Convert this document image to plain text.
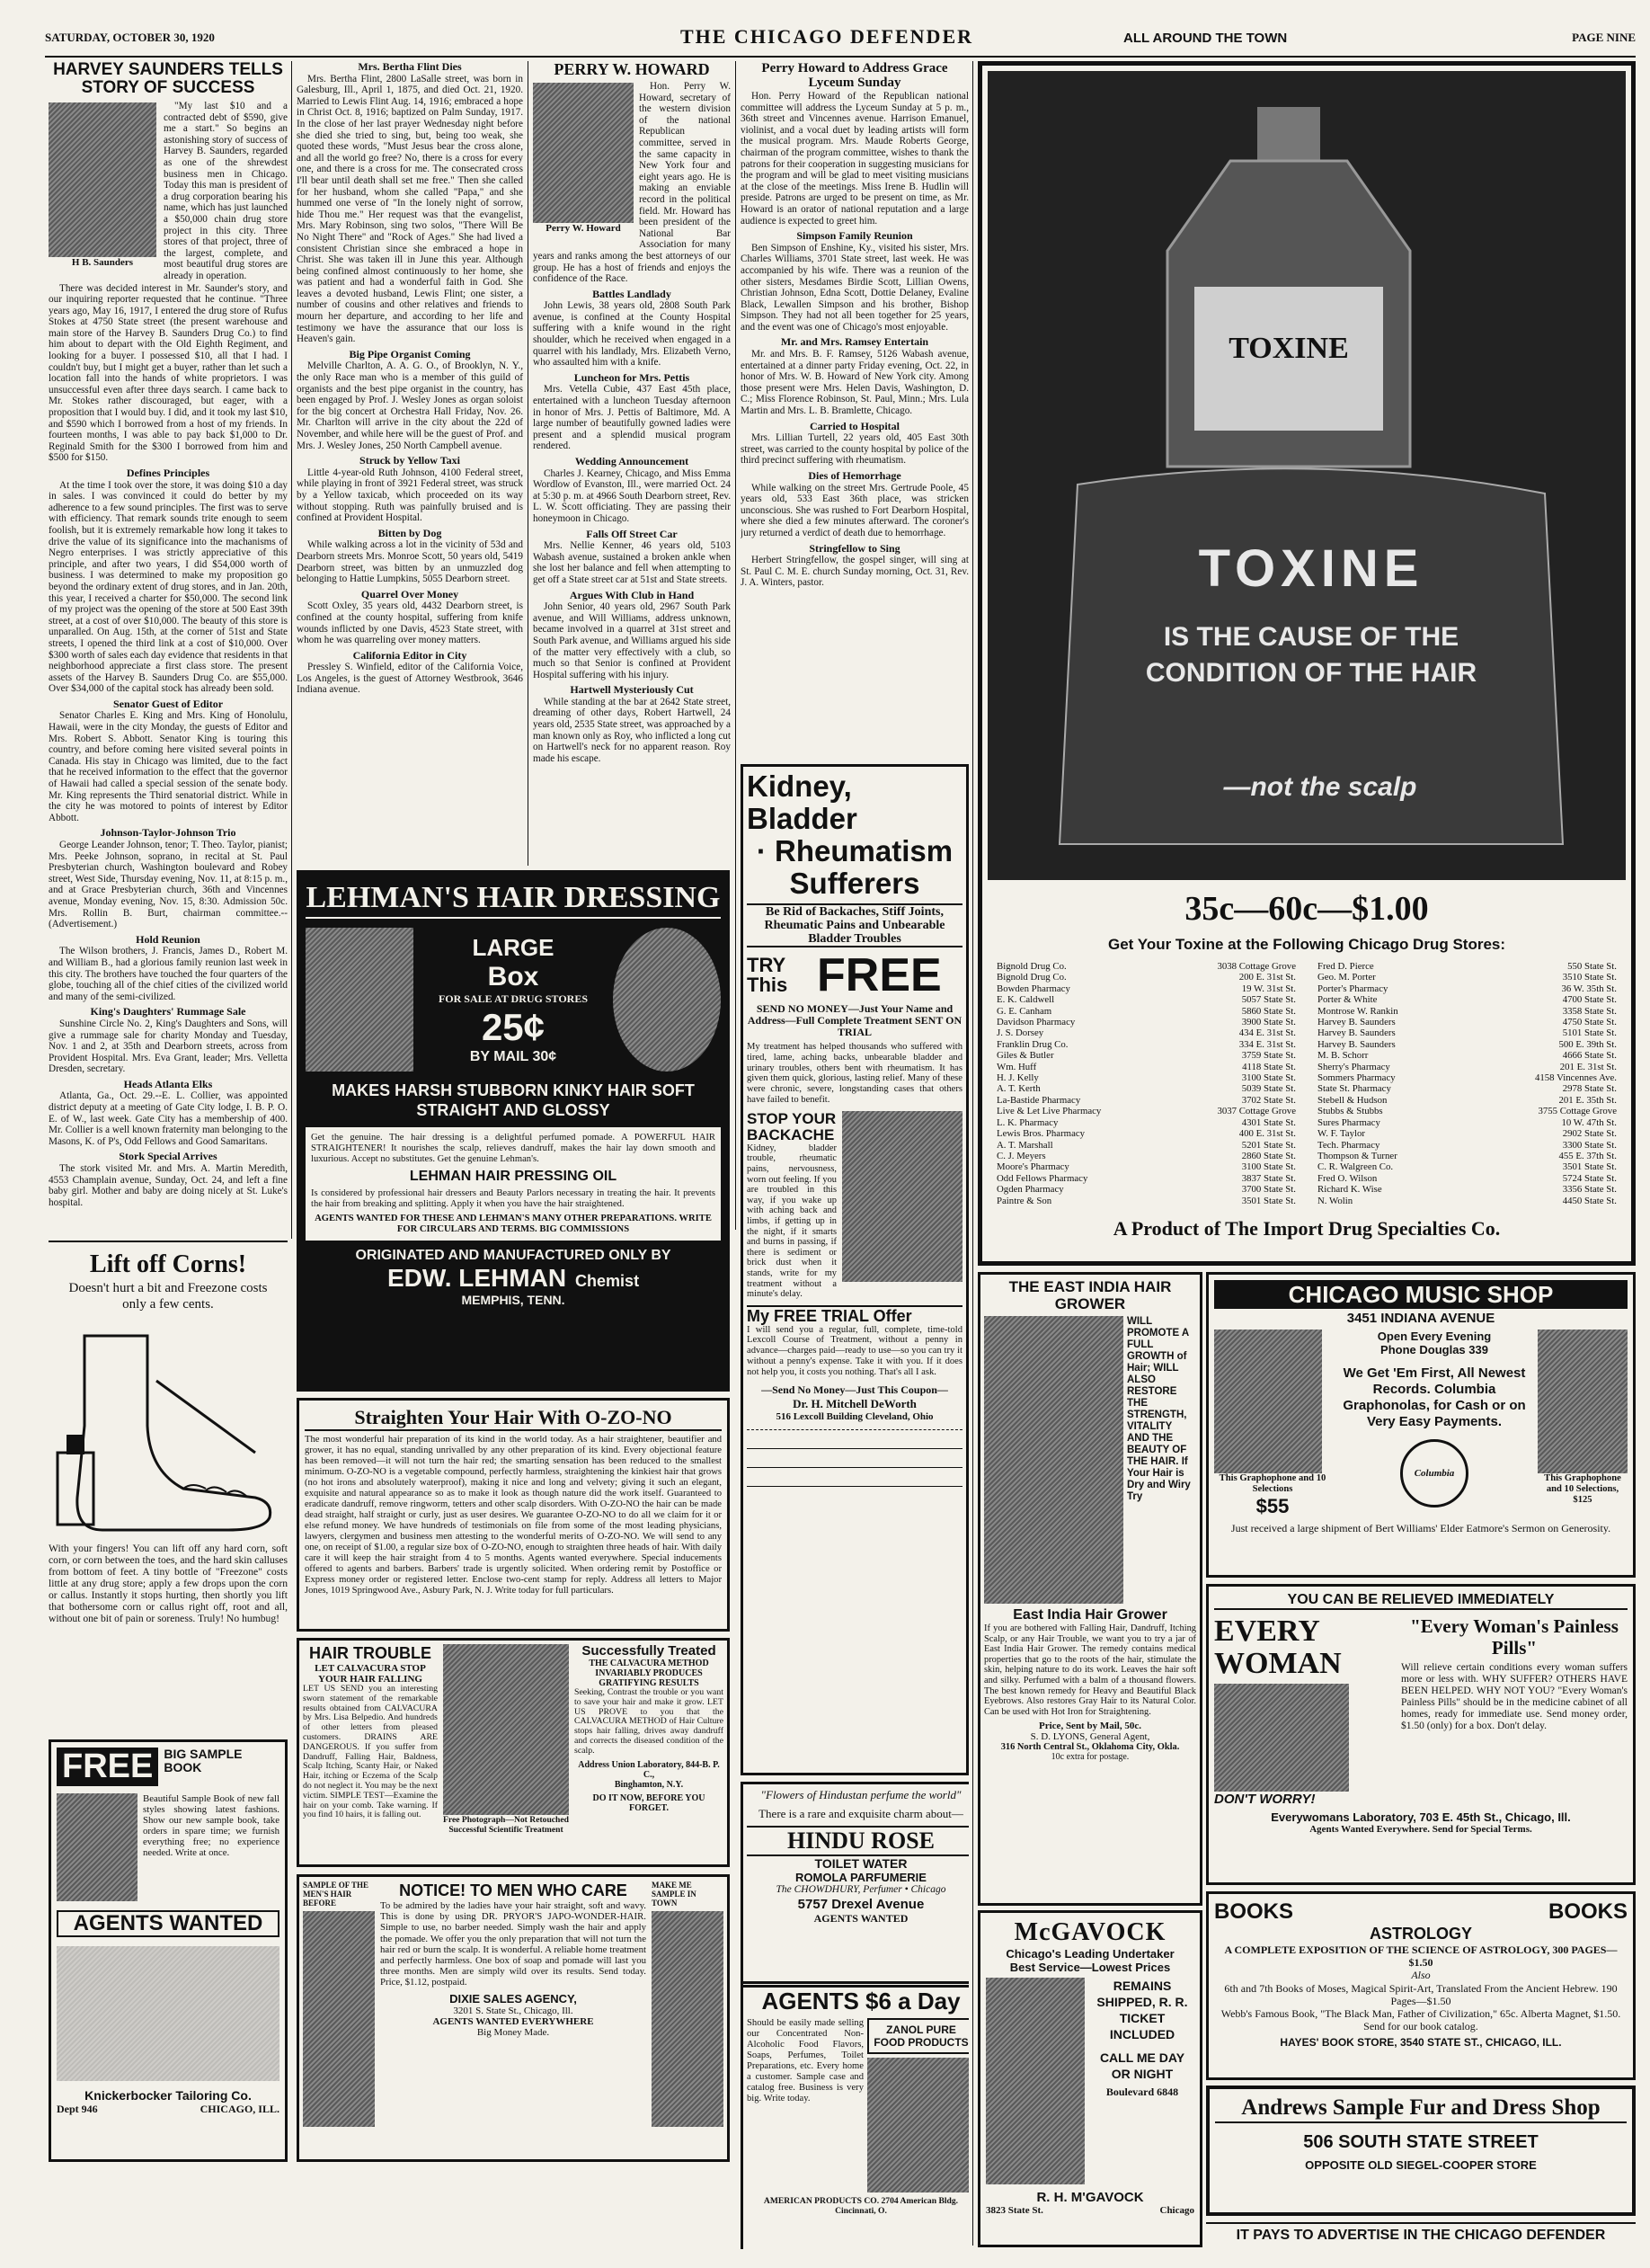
SATURDAY, OCTOBER 30, 1920	THE CHICAGO DEFENDER	ALL AROUND THE TOWN	PAGE NINE
HARVEY SAUNDERS TELLS STORY OF SUCCESS
H B. Saunders

"My last $10 and a contracted debt of $590, give me a start." So begins an astonishing story of success of Harvey B. Saunders, regarded as one of the shrewdest business men in Chicago. Today this man is president of a drug corporation bearing his name, which has just launched a $50,000 chain drug store project in this city. Three stores of that project, three of the largest, complete, and most beautiful drug stores are already in operation.

There was decided interest in Mr. Saunder's story, and our inquiring reporter requested that he continue. "Three years ago, May 16, 1917, I entered the drug store of Rufus Stokes at 4750 State street (the present warehouse and main store of the Harvey B. Saunders Drug Co.) to find him about to depart with the Old Eighth Regiment, and looking for a buyer. I possessed $10, all that I had. I couldn't buy, but I might get a buyer, rather than let such a location fall into the hands of white proprietors. I was unsuccessful even after three days search. I came back to Mr. Stokes rather discouraged, but eager, with a proposition that I would buy. I did, and it took my last $10, and $590 which I borrowed from a host of my friends. In fourteen months, I was able to pay back $1,000 to Dr. Reginald Smith for the $300 I borrowed from him and $500 for $150.

Defines Principles

At the time I took over the store, it was doing $10 a day in sales. I was convinced it could do better by my adherence to a few sound principles. The first was to serve with efficiency. That remark sounds trite enough to seem foolish, but it is extremely remarkable how long it takes to drive the value of its significance into the machanisms of Negro enterprises. I was strictly appreciative of this principle, and after two years, I did $54,000 worth of business. I was determined to make my proposition go beyond the ordinary extent of drug stores, and in Jan. 20th, this year, I received a charter for $50,000. The second link of my project was the opening of the store at 500 East 39th street, at a cost of over $10,000. The beauty of this store is unparalled. On Aug. 15th, at the corner of 51st and State streets, I opened the third link at a cost of $10,000. Over $300 worth of sales each day evidence that residents in that neighborhood appreciate a first class store. The present assets of the Harvey B. Saunders Drug Co. are $55,000. Over $34,000 of the capital stock has already been sold.

Senator Guest of Editor

Senator Charles E. King and Mrs. King of Honolulu, Hawaii, were in the city Monday, the guests of Editor and Mrs. Robert S. Abbott. Senator King is touring this country, and before coming here visited several points in Canada. His stay in Chicago was limited, due to the fact that he received information to the effect that the governor of Hawaii had called a special session of the senate body. Mr. King represents the Third senatorial district. While in the city he was motored to points of interest by Editor Abbott.

Johnson-Taylor-Johnson Trio

George Leander Johnson, tenor; T. Theo. Taylor, pianist; Mrs. Peeke Johnson, soprano, in recital at St. Paul Presbyterian church, Washington boulevard and Robey street, West Side, Thursday evening, Nov. 11, at 8:15 p. m., and at Grace Presbyterian church, 36th and Vincennes avenue, Monday evening, Nov. 15, 8:30. Admission 50c. Mrs. Rollin B. Burt, chairman committee.--(Advertisement.)

Hold Reunion

The Wilson brothers, J. Francis, James D., Robert M. and William B., had a glorious family reunion last week in this city. The brothers have touched the four quarters of the globe, touching all of the chief cities of the civilized world and many of the semi-civilized.

King's Daughters' Rummage Sale

Sunshine Circle No. 2, King's Daughters and Sons, will give a rummage sale for charity Monday and Tuesday, Nov. 1 and 2, at 35th and Dearborn streets, across from Provident Hospital. Mrs. Eva Grant, leader; Mrs. Velletta Dresden, secretary.

Heads Atlanta Elks

Atlanta, Ga., Oct. 29.--E. L. Collier, was appointed district deputy at a meeting of Gate City lodge, I. B. P. O. E. of W., last week. Gate City has a membership of 400. Mr. Collier is a well known fraternity man belonging to the Masons, K. of P's, Odd Fellows and Good Samaritans.

Stork Special Arrives

The stork visited Mr. and Mrs. A. Martin Meredith, 4553 Champlain avenue, Sunday, Oct. 24, and left a fine baby girl. Mother and baby are doing nicely at St. Luke's hospital.

Lift off Corns!
Doesn't hurt a bit and Freezone costs only a few cents.
With your fingers! You can lift off any hard corn, soft corn, or corn between the toes, and the hard skin calluses from bottom of feet. A tiny bottle of "Freezone" costs little at any drug store; apply a few drops upon the corn or callus. Instantly it stops hurting, then shortly you lift that bothersome corn or callus right off, root and all, without one bit of pain or soreness. Truly! No humbug!
FREE BIG SAMPLE BOOK
Beautiful Sample Book of new fall styles showing latest fashions. Show our new sample book, take orders in spare time; we furnish everything free; no experience needed. Write at once.
AGENTS WANTED
Knickerbocker Tailoring Co.
Dept 946	CHICAGO, ILL.
Mrs. Bertha Flint Dies

Mrs. Bertha Flint, 2800 LaSalle street, was born in Galesburg, Ill., April 1, 1875, and died Oct. 21, 1920. Married to Lewis Flint Aug. 14, 1916; embraced a hope in Christ Oct. 8, 1916; baptized on Palm Sunday, 1917. In the close of her last prayer Wednesday night before she died she tried to sing, but, being too weak, she quoted these words, "Must Jesus bear the cross alone, and all the world go free? No, there is a cross for every one, and there is a cross for me. The consecrated cross I'll bear until death shall set me free." Then she called for her husband, whom she called "Papa," and she hummed one verse of "In the lonely night of sorrow, hide Thou me." Her request was that the evangelist, Mrs. Mary Robinson, sing two solos, "There Will Be No Night There" and "Rock of Ages." She had lived a consistent Christian since she embraced a hope in Christ. She was taken ill in June this year. Although being confined almost continuously to her home, she was patient and had a wonderful faith in God. She leaves a devoted husband, Lewis Flint; one sister, a number of cousins and other relatives and friends to mourn her departure, and according to her life and testimony we have the assurance that our loss is Heaven's gain.

Big Pipe Organist Coming

Melville Charlton, A. A. G. O., of Brooklyn, N. Y., the only Race man who is a member of this guild of organists and the best pipe organist in the country, has been engaged by Prof. J. Wesley Jones as organ soloist for the big concert at Orchestra Hall Friday, Nov. 26. Mr. Charlton will arrive in the city about the 22d of November, and while here will be the guest of Prof. and Mrs. J. Wesley Jones, 250 North Campbell avenue.

Struck by Yellow Taxi

Little 4-year-old Ruth Johnson, 4100 Federal street, while playing in front of 3921 Federal street, was struck by a Yellow taxicab, which proceeded on its way without stopping. Ruth was painfully bruised and is confined at Provident Hospital.

Bitten by Dog

While walking across a lot in the vicinity of 53d and Dearborn streets Mrs. Monroe Scott, 50 years old, 5419 Dearborn street, was bitten by an unmuzzled dog belonging to Hattie Lumpkins, 5055 Dearborn street.

Quarrel Over Money

Scott Oxley, 35 years old, 4432 Dearborn street, is confined at the county hospital, suffering from knife wounds inflicted by one Davis, 4523 State street, with whom he was quarreling over money matters.

California Editor in City

Pressley S. Winfield, editor of the California Voice, Los Angeles, is the guest of Attorney Westbrook, 3646 Indiana avenue.

PERRY W. HOWARD
Perry W. Howard

Hon. Perry W. Howard, secretary of the western division of the national Republican committee, served in the same capacity in New York four and eight years ago. He is making an enviable record in the political field. Mr. Howard has been president of the National Bar Association for many years and ranks among the best attorneys of our group. He has a host of friends and enjoys the confidence of the Race.

Battles Landlady

John Lewis, 38 years old, 2808 South Park avenue, is confined at the County Hospital suffering with a knife wound in the right shoulder, which he received when engaged in a quarrel with his landlady, Mrs. Elizabeth Verno, who assaulted him with a knife.

Luncheon for Mrs. Pettis

Mrs. Vetella Cubie, 437 East 45th place, entertained with a luncheon Tuesday afternoon in honor of Mrs. J. Pettis of Baltimore, Md. A large number of beautifully gowned ladies were present and a splendid musical program rendered.

Wedding Announcement

Charles J. Kearney, Chicago, and Miss Emma Wordlow of Evanston, Ill., were married Oct. 24 at 5:30 p. m. at 4966 South Dearborn street, Rev. L. W. Scott officiating. They are passing their honeymoon in Chicago.

Falls Off Street Car

Mrs. Nellie Kenner, 46 years old, 5103 Wabash avenue, sustained a broken ankle when she lost her balance and fell when attempting to get off a State street car at 51st and State streets.

Argues With Club in Hand

John Senior, 40 years old, 2967 South Park avenue, and Will Williams, address unknown, became involved in a quarrel at 31st street and South Park avenue, and Williams argued his side of the matter very effectively with a club, so much so that Senior is confined at Provident Hospital suffering with his injury.

Hartwell Mysteriously Cut

While standing at the bar at 2642 State street, dreaming of other days, Robert Hartwell, 24 years old, 2535 State street, was approached by a man known only as Roy, who inflicted a long cut on Hartwell's neck for no apparent reason. Roy made his escape.

Perry Howard to Address Grace Lyceum Sunday

Hon. Perry Howard of the Republican national committee will address the Lyceum Sunday at 5 p. m., 36th street and Vincennes avenue. Harrison Emanuel, violinist, and a vocal duet by leading artists will form the musical program. Mrs. Maude Roberts George, chairman of the program committee, wishes to thank the patrons for their cooperation in suggesting musicians for the program and will be glad to meet visiting musicians at the close of the meetings. Miss Irene B. Hudlin will preside. Patrons are urged to be present on time, as Mr. Howard is an orator of national reputation and a large audience is expected to greet him.

Simpson Family Reunion

Ben Simpson of Enshine, Ky., visited his sister, Mrs. Charles Williams, 3701 State street, last week. He was accompanied by his wife. There was a reunion of the other sisters, Mesdames Birdie Scott, Lillian Owens, Christian Johnson, Edna Scott, Dottie Delaney, Evaline Black, Lewallen Simpson and his brother, Bishop Simpson. They had not all been together for 25 years, and the event was one of Chicago's most enjoyable.

Mr. and Mrs. Ramsey Entertain

Mr. and Mrs. B. F. Ramsey, 5126 Wabash avenue, entertained at a dinner party Friday evening, Oct. 22, in honor of Mrs. W. B. Howard of New York city. Among those present were Mrs. Helen Davis, Washington, D. C.; Miss Florence Robinson, St. Paul, Minn.; Mrs. Lula Martin and Mrs. L. B. Bramlette, Chicago.

Carried to Hospital

Mrs. Lillian Turtell, 22 years old, 405 East 30th street, was carried to the county hospital by police of the third precinct suffering with rheumatism.

Dies of Hemorrhage

While walking on the street Mrs. Gertrude Poole, 45 years old, 533 East 36th place, was stricken unconscious. She was rushed to Fort Dearborn Hospital, where she died a few minutes afterward. The coroner's jury returned a verdict of death due to hemorrhage.

Stringfellow to Sing

Herbert Stringfellow, the gospel singer, will sing at St. Paul C. M. E. church Sunday morning, Oct. 31, Rev. J. A. Winters, pastor.

Kidney, Bladder
· Rheumatism
Sufferers
Be Rid of Backaches, Stiff Joints, Rheumatic Pains and Unbearable Bladder Troubles
TRY This FREE
SEND NO MONEY—Just Your Name and Address—Full Complete Treatment SENT ON TRIAL
My treatment has helped thousands who suffered with tired, lame, aching backs, unbearable bladder and urinary troubles, others bent with rheumatism. It has given them quick, glorious, lasting relief. Many of these were chronic, severe, longstanding cases that others have failed to benefit.
STOP YOUR BACKACHE
Kidney, bladder trouble, rheumatic pains, nervousness, worn out feeling. If you are troubled in this way, if you wake up with aching back and limbs, if getting up in the night, if it smarts and burns in passing, if there is sediment or brick dust when it stands, write for my treatment without a minute's delay.
My FREE TRIAL Offer
I will send you a regular, full, complete, time-told Lexcoll Course of Treatment, without a penny in advance—charges paid—ready to use—so you can try it without a penny's expense. Take it with you. If it does not help you, it costs you nothing. That's all I ask.
—Send No Money—Just This Coupon—
Dr. H. Mitchell DeWorth
516 Lexcoll Building Cleveland, Ohio
TOXINE
TOXINE
IS THE CAUSE OF THE CONDITION OF THE HAIR
—not the scalp
35c—60c—$1.00
Get Your Toxine at the Following Chicago Drug Stores:
Bignold Drug Co.	3038 Cottage Grove
Bignold Drug Co.	200 E. 31st St.
Bowden Pharmacy	19 W. 31st St.
E. K. Caldwell	5057 State St.
G. E. Canham	5860 State St.
Davidson Pharmacy	3900 State St.
J. S. Dorsey	434 E. 31st St.
Franklin Drug Co.	334 E. 31st St.
Giles & Butler	3759 State St.
Wm. Huff	4118 State St.
H. J. Kelly	3100 State St.
A. T. Kerth	5039 State St.
La-Bastide Pharmacy	3702 State St.
Live & Let Live Pharmacy	3037 Cottage Grove
L. K. Pharmacy	4301 State St.
Lewis Bros. Pharmacy	400 E. 31st St.
A. T. Marshall	5201 State St.
C. J. Meyers	2860 State St.
Moore's Pharmacy	3100 State St.
Odd Fellows Pharmacy	3837 State St.
Ogden Pharmacy	3700 State St.
Paintre & Son	3501 State St.
Fred D. Pierce	550 State St.
Geo. M. Porter	3510 State St.
Porter's Pharmacy	36 W. 35th St.
Porter & White	4700 State St.
Montrose W. Rankin	3358 State St.
Harvey B. Saunders	4750 State St.
Harvey B. Saunders	5101 State St.
Harvey B. Saunders	500 E. 39th St.
M. B. Schorr	4666 State St.
Sherry's Pharmacy	201 E. 31st St.
Sommers Pharmacy	4158 Vincennes Ave.
State St. Pharmacy	2978 State St.
Stebell & Hudson	201 E. 35th St.
Stubbs & Stubbs	3755 Cottage Grove
Sures Pharmacy	10 W. 47th St.
W. F. Taylor	2902 State St.
Tech. Pharmacy	3300 State St.
Thompson & Turner	455 E. 37th St.
C. R. Walgreen Co.	3501 State St.
Fred O. Wilson	5724 State St.
Richard K. Wise	3356 State St.
N. Wolin	4450 State St.
A Product of The Import Drug Specialties Co.
LEHMAN'S HAIR DRESSING
LARGE
Box
FOR SALE AT DRUG STORES
25¢
BY MAIL 30¢
MAKES HARSH STUBBORN KINKY HAIR SOFT STRAIGHT AND GLOSSY
Get the genuine. The hair dressing is a delightful perfumed pomade. A POWERFUL HAIR STRAIGHTENER! It nourishes the scalp, relieves dandruff, makes the hair lay down smooth and luxurious. Accept no substitutes. Get the genuine Lehman's.
LEHMAN HAIR PRESSING OIL
Is considered by professional hair dressers and Beauty Parlors necessary in treating the hair. It prevents the hair from breaking and splitting. Apply it when you have the hair straightened.
AGENTS WANTED FOR THESE AND LEHMAN'S MANY OTHER PREPARATIONS. WRITE FOR CIRCULARS AND TERMS. BIG COMMISSIONS
ORIGINATED AND MANUFACTURED ONLY BY
EDW. LEHMAN Chemist
MEMPHIS, TENN.
Straighten Your Hair With O-ZO-NO
The most wonderful hair preparation of its kind in the world today. As a hair straightener, beautifier and grower, it has no equal, standing unrivalled by any other preparation of its kind. Every objectional feature has been removed—it will not turn the hair red; the smarting sensation has been reduced to the smallest minimum. O-ZO-NO is a vegetable compound, perfectly harmless, straightening the kinkiest hair that grows (no hot irons and absolutely waterproof), making it nice and long and velvety; giving it such an elegant, exquisite and natural appearance so as to make it look as though nature did the work itself. Guaranteed to eradicate dandruff, remove ringworm, tetters and other scalp disorders. With O-ZO-NO the hair can be made dead straight, half straight or curly, just as user desires. We guarantee O-ZO-NO to do all we claim for it or else refund money. We have hundreds of testimonials on file from some of the most leading physicians, lawyers, clergymen and business men attesting to the wonderful merits of O-ZO-NO. We will send to any one, on receipt of $1.00, a regular size box of O-ZO-NO, enough to straighten three heads of hair. With daily care it will keep the hair straight from 4 to 5 months. Agents wanted everywhere. Special inducements offered to agents and barbers. Barbers' trade is urgently solicited. When ordering remit by Postoffice or Express money order or registered letter. Enclose two-cent stamp for reply. Address all letters to Major Jones, 1019 Springwood Ave., Asbury Park, N. J. Write today for full particulars.
HAIR TROUBLE
LET CALVACURA STOP YOUR HAIR FALLING
LET US SEND you an interesting sworn statement of the remarkable results obtained from CALVACURA by Mrs. Lisa Belpedio. And hundreds of other letters from pleased customers. DRAINS ARE DANGEROUS. If you suffer from Dandruff, Falling Hair, Baldness, Scalp Itching, Scanty Hair, or Naked Hair, itching or Eczema of the Scalp do not neglect it. You may be the next victim. SIMPLE TEST—Examine the hair on your comb. Take warning. If you find 10 hairs, it is falling out.
Free Photograph—Not Retouched
Successful Scientific Treatment
Successfully Treated
THE CALVACURA METHOD INVARIABLY PRODUCES GRATIFYING RESULTS
Seeking, Contrast the trouble or you want to save your hair and make it grow. LET US PROVE to you that the CALVACURA METHOD of Hair Culture stops hair falling, drives away dandruff and corrects the diseased condition of the scalp.
Address Union Laboratory, 844-B. P. C.,
Binghamton, N.Y.
DO IT NOW, BEFORE YOU FORGET.
SAMPLE OF THE MEN'S HAIR BEFORE
NOTICE! TO MEN WHO CARE
To be admired by the ladies have your hair straight, soft and wavy. This is done by using DR. PRYOR'S JAPO-WONDER-HAIR. Simple to use, no barber needed. Simply wash the hair and apply the pomade. We offer you the only preparation that will not turn the hair red or burn the scalp. It is wonderful. A reliable home treatment and perfectly harmless. One box of soap and pomade will last you three months. Men are simply wild over its results. Send today. Price, $1.12, postpaid.
DIXIE SALES AGENCY,
3201 S. State St., Chicago, Ill.
AGENTS WANTED EVERYWHERE
Big Money Made.
MAKE ME SAMPLE IN TOWN
THE EAST INDIA HAIR GROWER
WILL PROMOTE A FULL GROWTH of Hair; WILL ALSO RESTORE THE STRENGTH, VITALITY AND THE BEAUTY OF THE HAIR. If Your Hair is Dry and Wiry Try
East India Hair Grower
If you are bothered with Falling Hair, Dandruff, Itching Scalp, or any Hair Trouble, we want you to try a jar of East India Hair Grower. The remedy contains medical properties that go to the roots of the hair, stimulate the skin, helping nature to do its work. Leaves the hair soft and silky. Perfumed with a balm of a thousand flowers. The best known remedy for Heavy and Beautiful Black Eyebrows. Also restores Gray Hair to its Natural Color. Can be used with Hot Iron for Straightening.
Price, Sent by Mail, 50c.
S. D. LYONS, General Agent,
316 North Central St., Oklahoma City, Okla.
10c extra for postage.
CHICAGO MUSIC SHOP
3451 INDIANA AVENUE
This Graphophone and 10 Selections
$55
Open Every Evening
Phone Douglas 339
We Get 'Em First, All Newest Records. Columbia Graphonolas, for Cash or on Very Easy Payments.
Columbia	This Graphophone and 10 Selections, $125
Just received a large shipment of Bert Williams' Elder Eatmore's Sermon on Generosity.
YOU CAN BE RELIEVED IMMEDIATELY
EVERY WOMAN
DON'T WORRY!
"Every Woman's Painless Pills"
Will relieve certain conditions every woman suffers more or less with. WHY SUFFER? OTHERS HAVE BEEN HELPED. WHY NOT YOU? "Every Woman's Painless Pills" should be in the medicine cabinet of all homes, ready for immediate use. Send money order, $1.50 (only) for a box. Don't delay.
Everywomans Laboratory, 703 E. 45th St., Chicago, Ill.
Agents Wanted Everywhere. Send for Special Terms.
McGAVOCK
Chicago's Leading Undertaker
Best Service—Lowest Prices
REMAINS SHIPPED, R. R. TICKET INCLUDED
CALL ME DAY OR NIGHT
Boulevard 6848
R. H. M'GAVOCK
3823 State St.	Chicago
BOOKS	BOOKS
ASTROLOGY
A COMPLETE EXPOSITION OF THE SCIENCE OF ASTROLOGY, 300 PAGES—$1.50
Also
6th and 7th Books of Moses, Magical Spirit-Art, Translated From the Ancient Hebrew. 190 Pages—$1.50
Webb's Famous Book, "The Black Man, Father of Civilization," 65c. Alberta Magnet, $1.50.
Send for our book catalog.
HAYES' BOOK STORE, 3540 STATE ST., CHICAGO, ILL.
Andrews Sample Fur and Dress Shop
506 SOUTH STATE STREET
OPPOSITE OLD SIEGEL-COOPER STORE
IT PAYS TO ADVERTISE IN THE CHICAGO DEFENDER
"Flowers of Hindustan perfume the world"
There is a rare and exquisite charm about—
HINDU ROSE
TOILET WATER
ROMOLA PARFUMERIE
The CHOWDHURY, Perfumer • Chicago
5757 Drexel Avenue
AGENTS WANTED
AGENTS $6 a Day
Should be easily made selling our Concentrated Non-Alcoholic Food Flavors, Soaps, Perfumes, Toilet Preparations, etc. Every home a customer. Sample case and catalog free. Business is very big. Write today.
ZANOL PURE FOOD PRODUCTS
AMERICAN PRODUCTS CO. 2704 American Bldg. Cincinnati, O.
